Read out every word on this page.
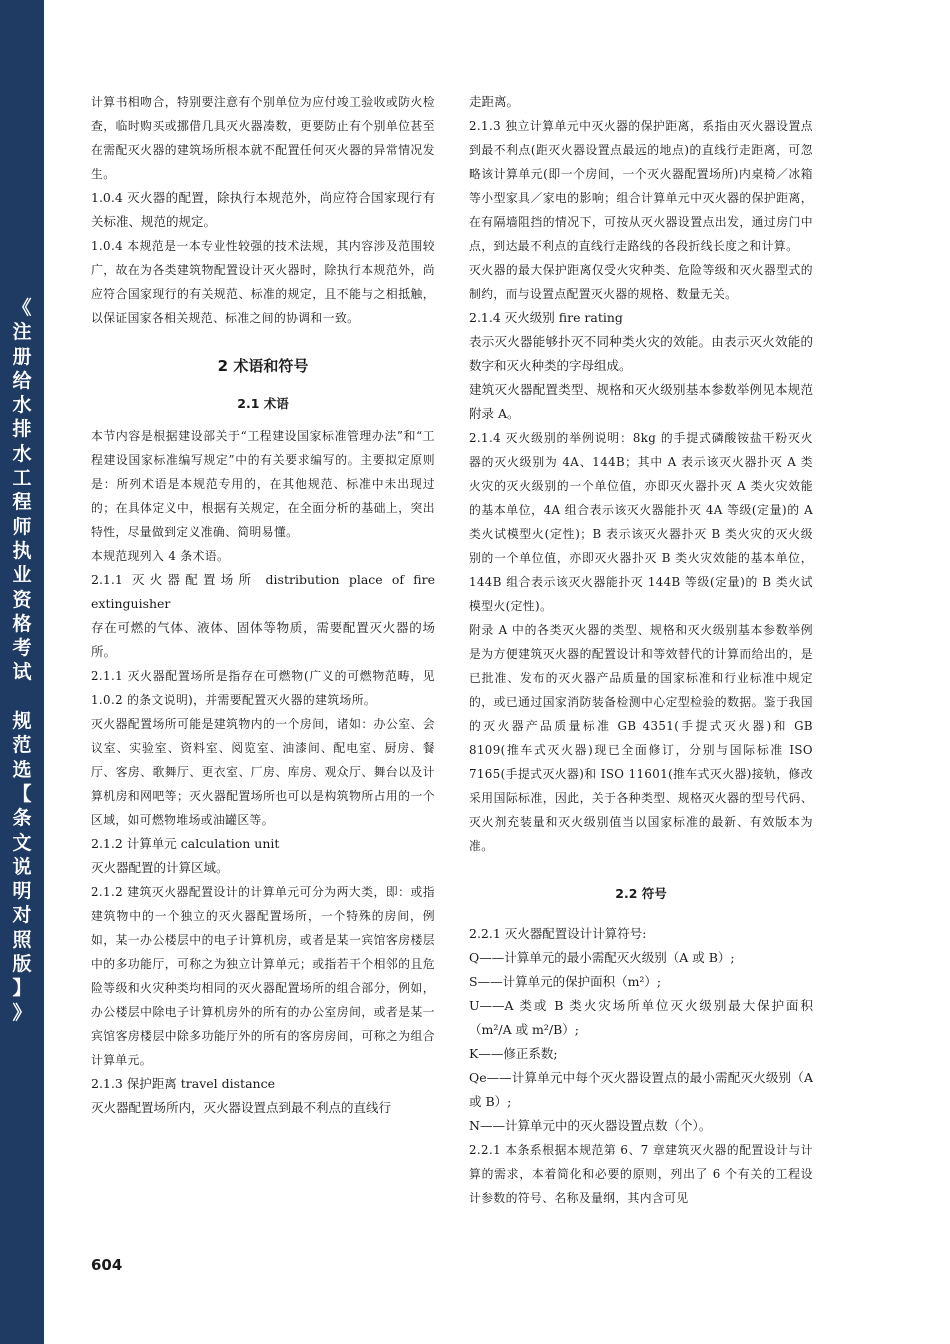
《
注
册
给
水
排
水
工
程
师
执
业
资
格
考
试

规
范
选
【
条
文
说
明
对
照
版
】
》

计算书相吻合，特别要注意有个别单位为应付竣工验收或防火检查，临时购买或挪借几具灭火器凑数，更要防止有个别单位甚至在需配灭火器的建筑场所根本就不配置任何灭火器的异常情况发生。

1.0.4 灭火器的配置，除执行本规范外，尚应符合国家现行有关标准、规范的规定。

1.0.4 本规范是一本专业性较强的技术法规，其内容涉及范围较广，故在为各类建筑物配置设计灭火器时，除执行本规范外，尚应符合国家现行的有关规范、标准的规定，且不能与之相抵触，以保证国家各相关规范、标准之间的协调和一致。

2 术语和符号
2.1 术语

本节内容是根据建设部关于“工程建设国家标准管理办法”和“工程建设国家标准编写规定”中的有关要求编写的。主要拟定原则是：所列术语是本规范专用的，在其他规范、标准中未出现过的；在具体定义中，根据有关规定，在全面分析的基础上，突出特性，尽量做到定义准确、简明易懂。

本规范现列入 4 条术语。

2.1.1 灭火器配置场所 distribution place of fire extinguisher

存在可燃的气体、液体、固体等物质，需要配置灭火器的场所。

2.1.1 灭火器配置场所是指存在可燃物(广义的可燃物范畴，见 1.0.2 的条文说明)，并需要配置灭火器的建筑场所。

灭火器配置场所可能是建筑物内的一个房间，诸如：办公室、会议室、实验室、资料室、阅览室、油漆间、配电室、厨房、餐厅、客房、歌舞厅、更衣室、厂房、库房、观众厅、舞台以及计算机房和网吧等；灭火器配置场所也可以是构筑物所占用的一个区域，如可燃物堆场或油罐区等。

2.1.2 计算单元 calculation unit

灭火器配置的计算区域。

2.1.2 建筑灭火器配置设计的计算单元可分为两大类，即：或指建筑物中的一个独立的灭火器配置场所，一个特殊的房间，例如，某一办公楼层中的电子计算机房，或者是某一宾馆客房楼层中的多功能厅，可称之为独立计算单元；或指若干个相邻的且危险等级和火灾种类均相同的灭火器配置场所的组合部分，例如，办公楼层中除电子计算机房外的所有的办公室房间，或者是某一宾馆客房楼层中除多功能厅外的所有的客房房间，可称之为组合计算单元。

2.1.3 保护距离 travel distance

灭火器配置场所内，灭火器设置点到最不利点的直线行

走距离。

2.1.3 独立计算单元中灭火器的保护距离，系指由灭火器设置点到最不利点(距灭火器设置点最远的地点)的直线行走距离，可忽略该计算单元(即一个房间，一个灭火器配置场所)内桌椅／冰箱等小型家具／家电的影响；组合计算单元中灭火器的保护距离，在有隔墙阻挡的情况下，可按从灭火器设置点出发，通过房门中点，到达最不利点的直线行走路线的各段折线长度之和计算。

灭火器的最大保护距离仅受火灾种类、危险等级和灭火器型式的制约，而与设置点配置灭火器的规格、数量无关。

2.1.4 灭火级别 fire rating

表示灭火器能够扑灭不同种类火灾的效能。由表示灭火效能的数字和灭火种类的字母组成。

建筑灭火器配置类型、规格和灭火级别基本参数举例见本规范附录 A。

2.1.4 灭火级别的举例说明：8kg 的手提式磷酸铵盐干粉灭火器的灭火级别为 4A、144B；其中 A 表示该灭火器扑灭 A 类火灾的灭火级别的一个单位值，亦即灭火器扑灭 A 类火灾效能的基本单位，4A 组合表示该灭火器能扑灭 4A 等级(定量)的 A 类火试模型火(定性)；B 表示该灭火器扑灭 B 类火灾的灭火级别的一个单位值，亦即灭火器扑灭 B 类火灾效能的基本单位，144B 组合表示该灭火器能扑灭 144B 等级(定量)的 B 类火试模型火(定性)。

附录 A 中的各类灭火器的类型、规格和灭火级别基本参数举例是为方便建筑灭火器的配置设计和等效替代的计算而给出的，是已批准、发布的灭火器产品质量的国家标准和行业标准中规定的，或已通过国家消防装备检测中心定型检验的数据。鉴于我国的灭火器产品质量标准 GB 4351(手提式灭火器)和 GB 8109(推车式灭火器)现已全面修订，分别与国际标准 ISO 7165(手提式灭火器)和 ISO 11601(推车式灭火器)接轨，修改采用国际标准，因此，关于各种类型、规格灭火器的型号代码、灭火剂充装量和灭火级别值当以国家标准的最新、有效版本为准。

2.2 符号

2.2.1 灭火器配置设计计算符号:

Q——计算单元的最小需配灭火级别（A 或 B）;

S——计算单元的保护面积（m²）;

U——A 类或 B 类火灾场所单位灭火级别最大保护面积（m²/A 或 m²/B）;

K——修正系数;

Qe——计算单元中每个灭火器设置点的最小需配灭火级别（A 或 B）;

N——计算单元中的灭火器设置点数（个）。

2.2.1 本条系根据本规范第 6、7 章建筑灭火器的配置设计与计算的需求，本着简化和必要的原则，列出了 6 个有关的工程设计参数的符号、名称及量纲，其内含可见

604
